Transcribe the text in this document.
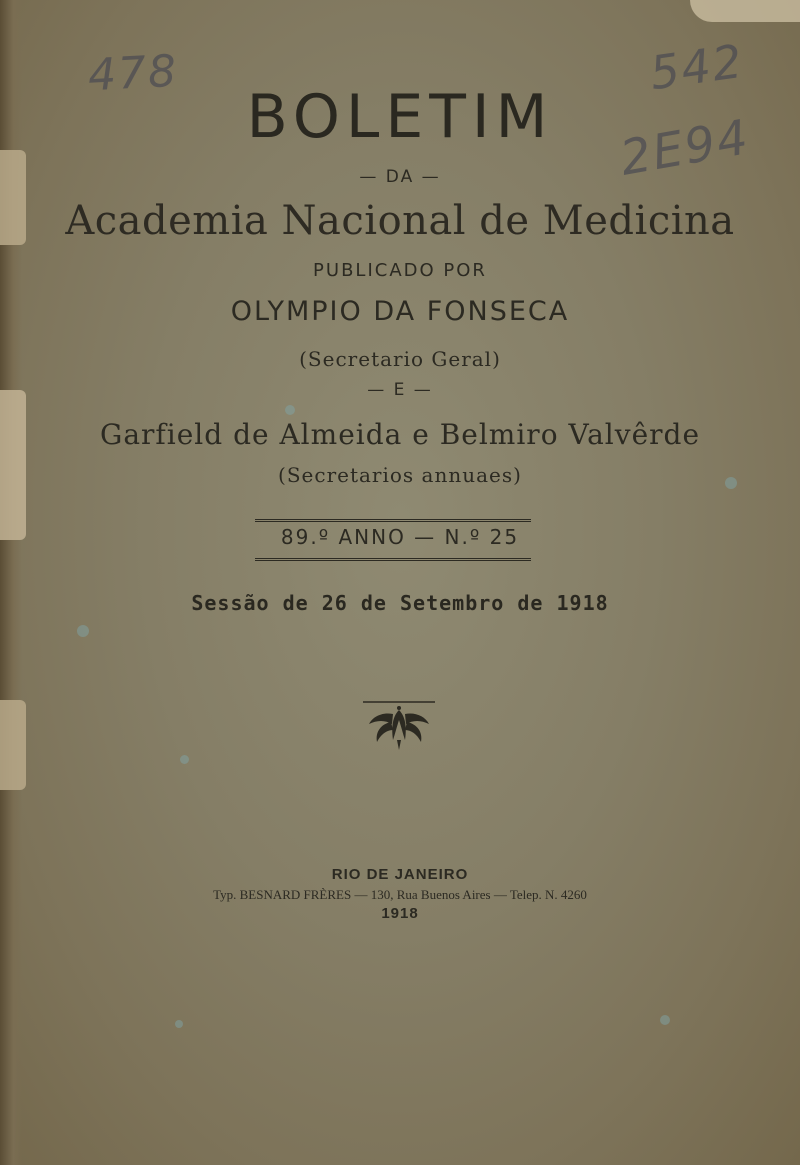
478	542
2E94
BOLETIM
— DA —
Academia Nacional de Medicina
PUBLICADO POR
OLYMPIO DA FONSECA
(Secretario Geral)
— E —
Garfield de Almeida e Belmiro Valvêrde
(Secretarios annuaes)
89.º ANNO — N.º 25
Sessão de 26 de Setembro de 1918
RIO DE JANEIRO
Typ. BESNARD FRÈRES — 130, Rua Buenos Aires — Telep. N. 4260
1918
